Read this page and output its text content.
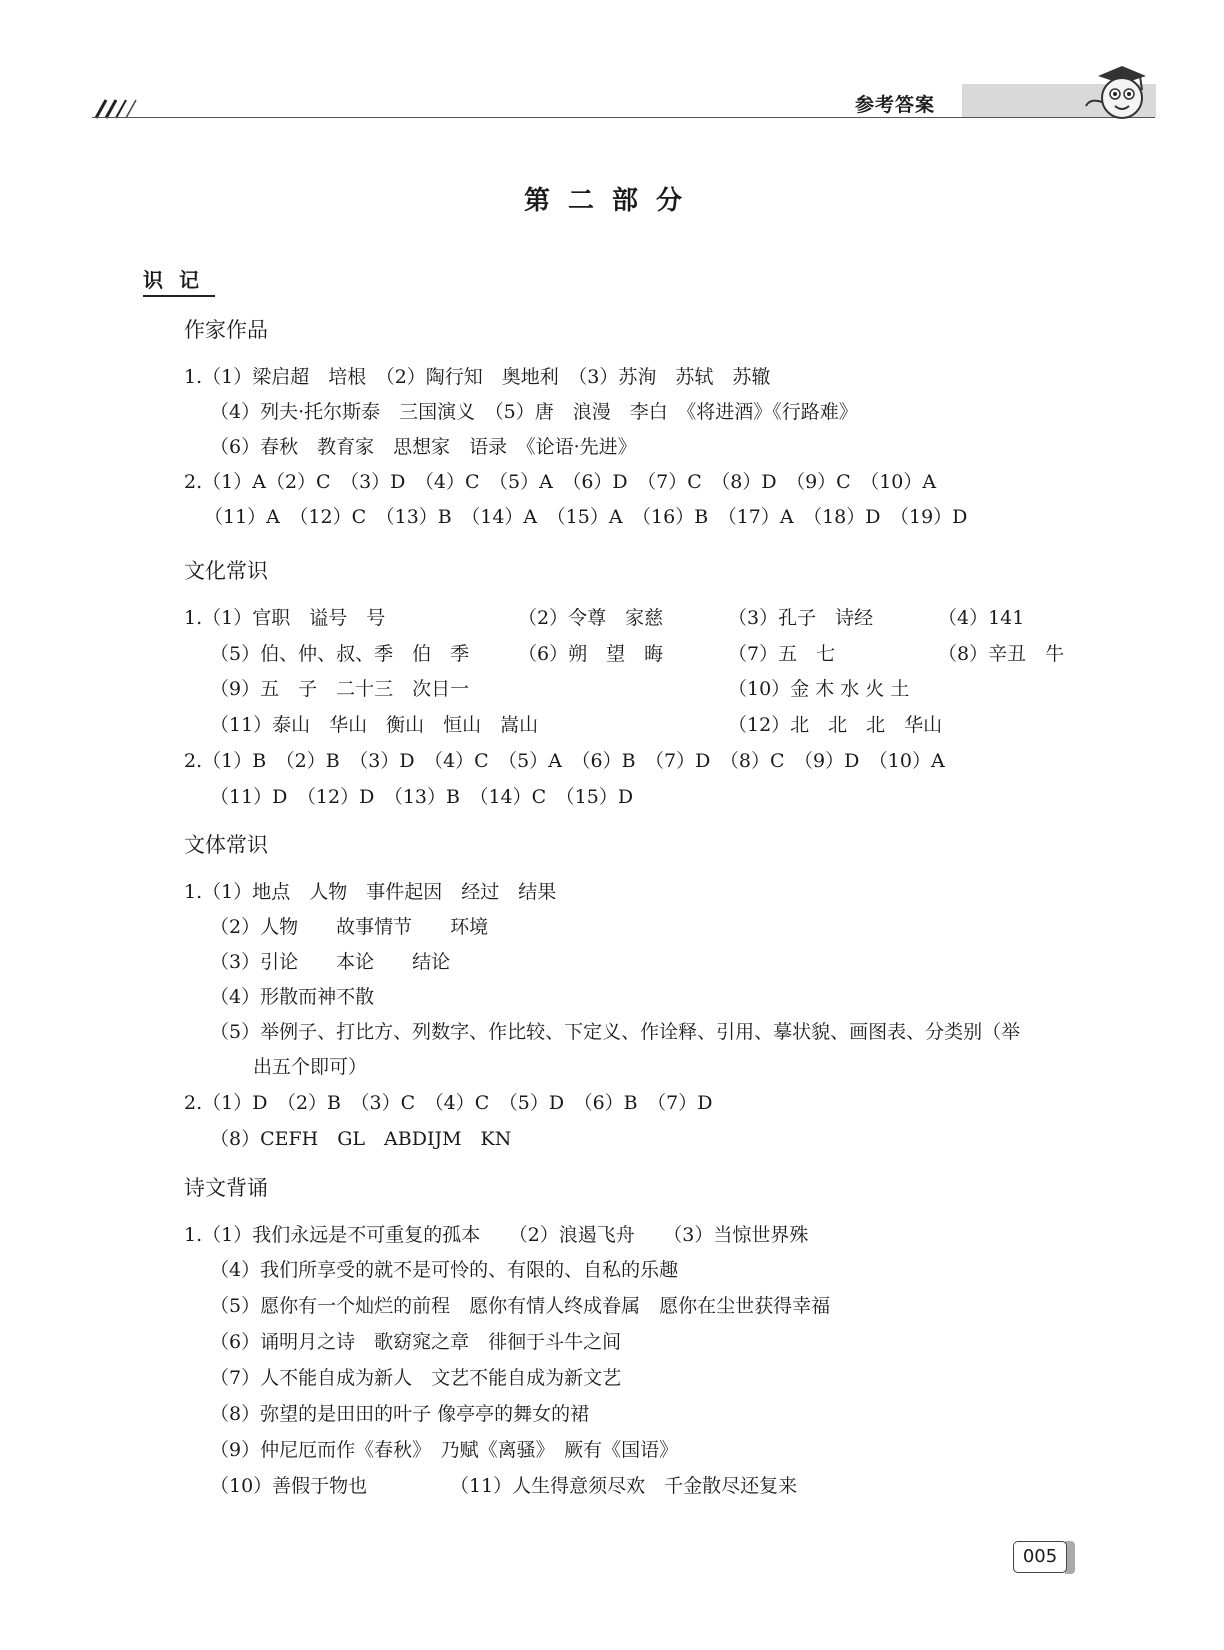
参考答案
第二部分
识记
作家作品
1.（1）梁启超　培根　（2）陶行知　奥地利　（3）苏洵　苏轼　苏辙
（4）列夫·托尔斯泰　三国演义　（5）唐　浪漫　李白　《将进酒》《行路难》
（6）春秋　教育家　思想家　语录　《论语·先进》
2.（1）A（2）C　（3）D　（4）C　（5）A　（6）D　（7）C　（8）D　（9）C　（10）A
（11）A　（12）C　（13）B　（14）A　（15）A　（16）B　（17）A　（18）D　（19）D
文化常识
1.（1）官职　谥号　号	（2）令尊　家慈	（3）孔子　诗经	（4）141
（5）伯、仲、叔、季　伯　季	（6）朔　望　晦	（7）五　七	（8）辛丑　牛
（9）五　子　二十三　次日一	（10）金 木 水 火 土
（11）泰山　华山　衡山　恒山　嵩山	（12）北　北　北　华山
2.（1）B　（2）B　（3）D　（4）C　（5）A　（6）B　（7）D　（8）C　（9）D　（10）A
（11）D　（12）D　（13）B　（14）C　（15）D
文体常识
1.（1）地点　人物　事件起因　经过　结果
（2）人物　　故事情节　　环境
（3）引论　　本论　　结论
（4）形散而神不散
（5）举例子、打比方、列数字、作比较、下定义、作诠释、引用、摹状貌、画图表、分类别（举
出五个即可）
2.（1）D　（2）B　（3）C　（4）C　（5）D　（6）B　（7）D
（8）CEFH　GL　ABDIJM　KN
诗文背诵
1.（1）我们永远是不可重复的孤本　　（2）浪遏飞舟　　（3）当惊世界殊
（4）我们所享受的就不是可怜的、有限的、自私的乐趣
（5）愿你有一个灿烂的前程　愿你有情人终成眷属　愿你在尘世获得幸福
（6）诵明月之诗　歌窈窕之章　徘徊于斗牛之间
（7）人不能自成为新人　文艺不能自成为新文艺
（8）弥望的是田田的叶子 像亭亭的舞女的裙
（9）仲尼厄而作《春秋》　乃赋《离骚》　厥有《国语》
（10）善假于物也	（11）人生得意须尽欢　千金散尽还复来
005
